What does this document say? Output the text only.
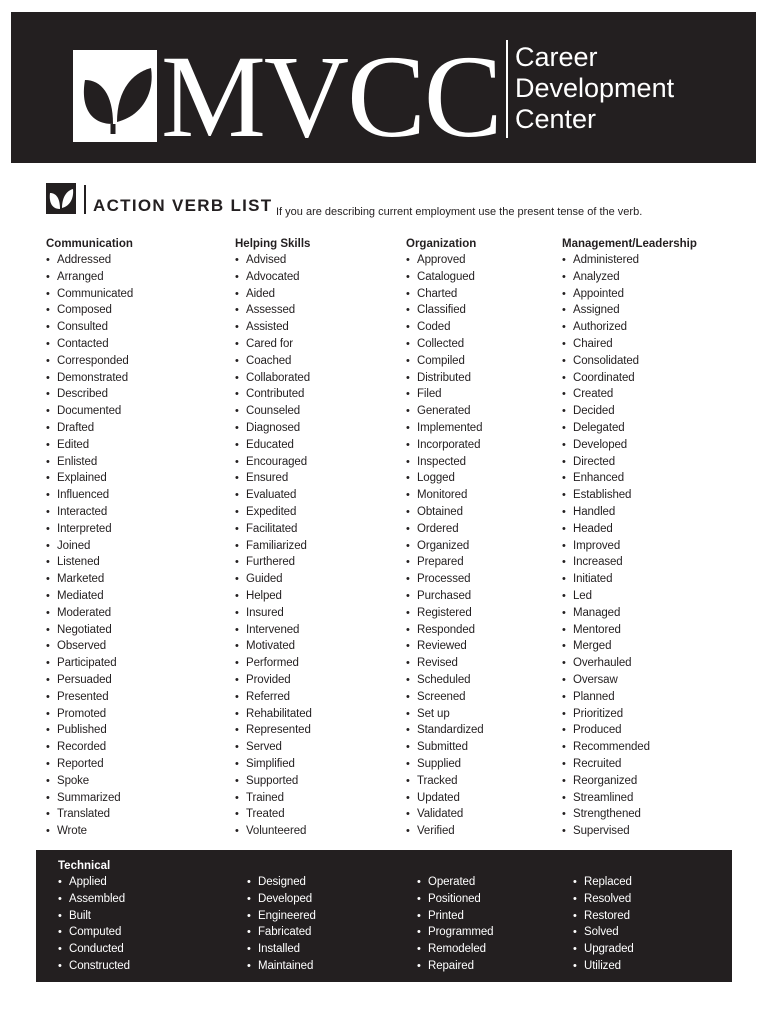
MVCC Career
Development
Center
ACTION VERB LIST If you are describing current employment use the present tense of the verb.
Communication
• Addressed
• Arranged
• Communicated
• Composed
• Consulted
• Contacted
• Corresponded
• Demonstrated
• Described
• Documented
• Drafted
• Edited
• Enlisted
• Explained
• Influenced
• Interacted
• Interpreted
• Joined
• Listened
• Marketed
• Mediated
• Moderated
• Negotiated
• Observed
• Participated
• Persuaded
• Presented
• Promoted
• Published
• Recorded
• Reported
• Spoke
• Summarized
• Translated
• Wrote
Helping Skills
• Advised
• Advocated
• Aided
• Assessed
• Assisted
• Cared for
• Coached
• Collaborated
• Contributed
• Counseled
• Diagnosed
• Educated
• Encouraged
• Ensured
• Evaluated
• Expedited
• Facilitated
• Familiarized
• Furthered
• Guided
• Helped
• Insured
• Intervened
• Motivated
• Performed
• Provided
• Referred
• Rehabilitated
• Represented
• Served
• Simplified
• Supported
• Trained
• Treated
• Volunteered
Organization
• Approved
• Catalogued
• Charted
• Classified
• Coded
• Collected
• Compiled
• Distributed
• Filed
• Generated
• Implemented
• Incorporated
• Inspected
• Logged
• Monitored
• Obtained
• Ordered
• Organized
• Prepared
• Processed
• Purchased
• Registered
• Responded
• Reviewed
• Revised
• Scheduled
• Screened
• Set up
• Standardized
• Submitted
• Supplied
• Tracked
• Updated
• Validated
• Verified
Management/Leadership
• Administered
• Analyzed
• Appointed
• Assigned
• Authorized
• Chaired
• Consolidated
• Coordinated
• Created
• Decided
• Delegated
• Developed
• Directed
• Enhanced
• Established
• Handled
• Headed
• Improved
• Increased
• Initiated
• Led
• Managed
• Mentored
• Merged
• Overhauled
• Oversaw
• Planned
• Prioritized
• Produced
• Recommended
• Recruited
• Reorganized
• Streamlined
• Strengthened
• Supervised
Technical
• Applied
• Assembled
• Built
• Computed
• Conducted
• Constructed
• Designed
• Developed
• Engineered
• Fabricated
• Installed
• Maintained
• Operated
• Positioned
• Printed
• Programmed
• Remodeled
• Repaired
• Replaced
• Resolved
• Restored
• Solved
• Upgraded
• Utilized
